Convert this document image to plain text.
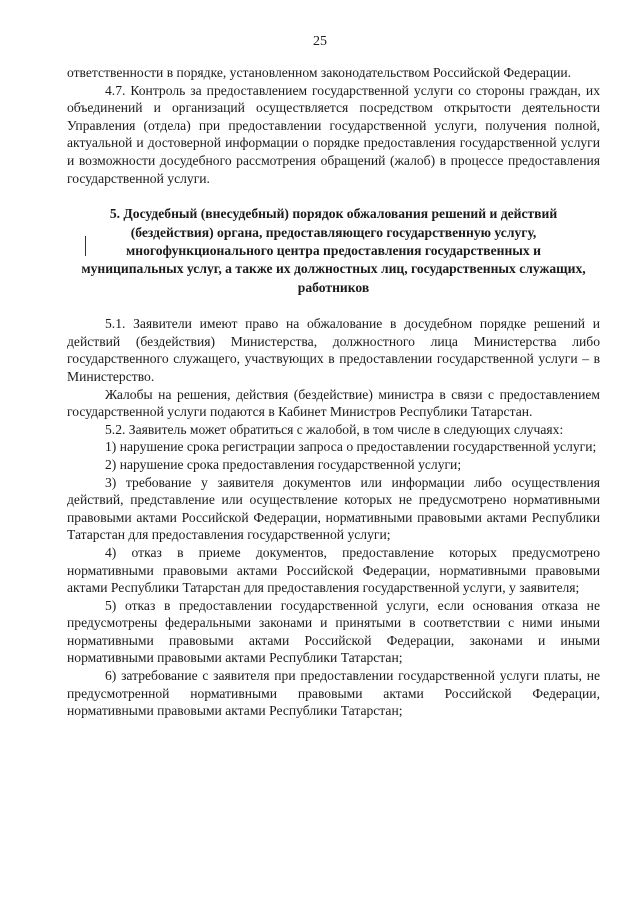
25

ответственности в порядке, установленном законодательством Российской Федерации.

4.7. Контроль за предоставлением государственной услуги со стороны граждан, их объединений и организаций осуществляется посредством открытости деятельности Управления (отдела) при предоставлении государственной услуги, получения полной, актуальной и достоверной информации о порядке предоставления государственной услуги и возможности досудебного рассмотрения обращений (жалоб) в процессе предоставления государственной услуги.

5. Досудебный (внесудебный) порядок обжалования решений и действий (бездействия) органа, предоставляющего государственную услугу, многофункционального центра предоставления государственных и муниципальных услуг, а также их должностных лиц, государственных служащих, работников

5.1. Заявители имеют право на обжалование в досудебном порядке решений и действий (бездействия) Министерства, должностного лица Министерства либо государственного служащего, участвующих в предоставлении государственной услуги – в Министерство.

Жалобы на решения, действия (бездействие) министра в связи с предоставлением государственной услуги подаются в Кабинет Министров Республики Татарстан.

5.2. Заявитель может обратиться с жалобой, в том числе в следующих случаях:

1) нарушение срока регистрации запроса о предоставлении государственной услуги;

2) нарушение срока предоставления государственной услуги;

3) требование у заявителя документов или информации либо осуществления действий, представление или осуществление которых не предусмотрено нормативными правовыми актами Российской Федерации, нормативными правовыми актами Республики Татарстан для предоставления государственной услуги;

4) отказ в приеме документов, предоставление которых предусмотрено нормативными правовыми актами Российской Федерации, нормативными правовыми актами Республики Татарстан для предоставления государственной услуги, у заявителя;

5) отказ в предоставлении государственной услуги, если основания отказа не предусмотрены федеральными законами и принятыми в соответствии с ними иными нормативными правовыми актами Российской Федерации, законами и иными нормативными правовыми актами Республики Татарстан;

6) затребование с заявителя при предоставлении государственной услуги платы, не предусмотренной нормативными правовыми актами Российской Федерации, нормативными правовыми актами Республики Татарстан;
